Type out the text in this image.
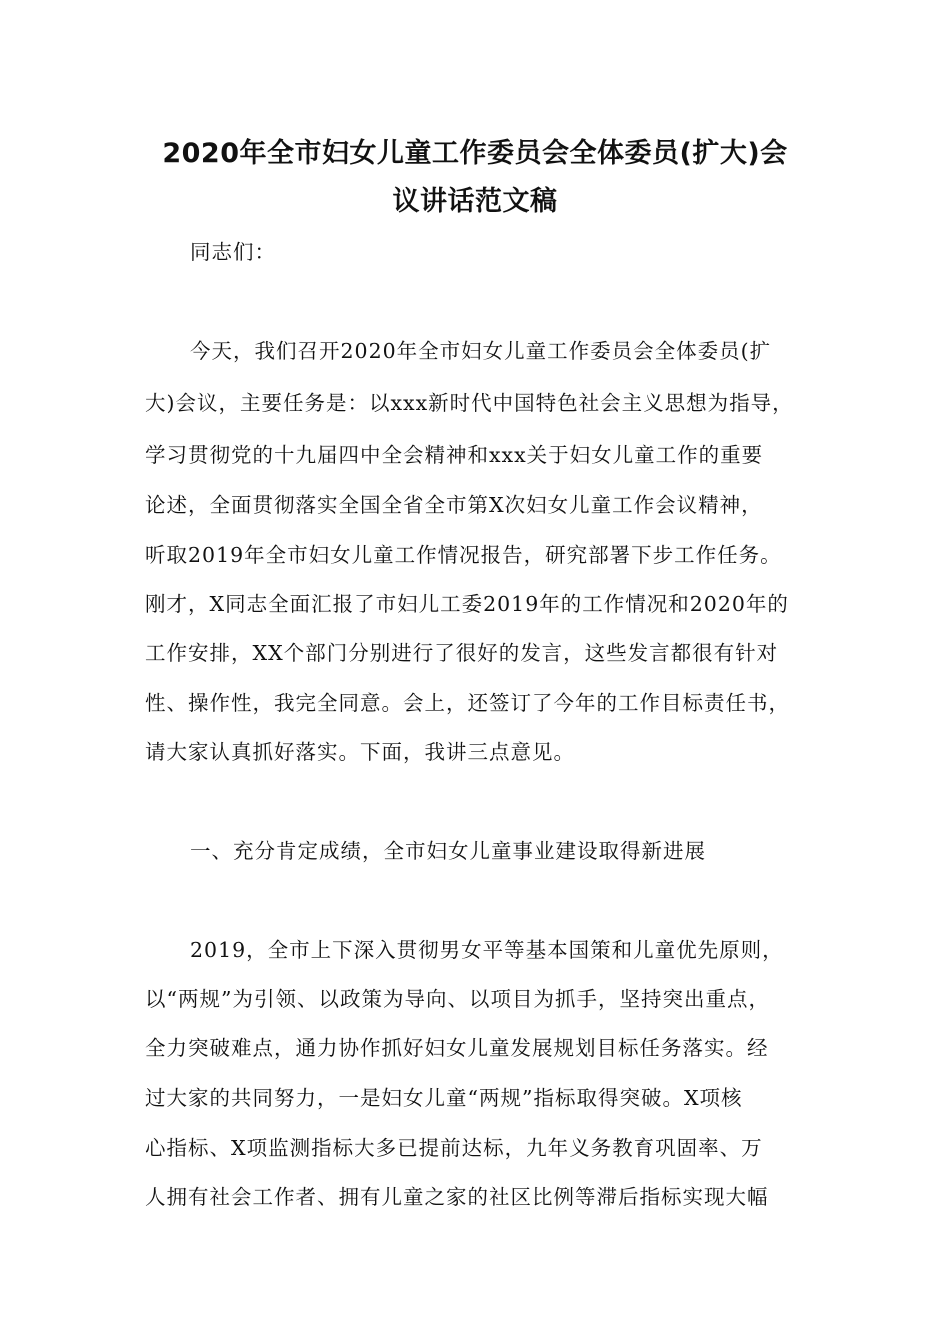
2020年全市妇女儿童工作委员会全体委员(扩大)会
议讲话范文稿
同志们：
今天，我们召开2020年全市妇女儿童工作委员会全体委员(扩
大)会议，主要任务是：以xxx新时代中国特色社会主义思想为指导，
学习贯彻党的十九届四中全会精神和xxx关于妇女儿童工作的重要
论述，全面贯彻落实全国全省全市第X次妇女儿童工作会议精神，
听取2019年全市妇女儿童工作情况报告，研究部署下步工作任务。
刚才，X同志全面汇报了市妇儿工委2019年的工作情况和2020年的
工作安排，XX个部门分别进行了很好的发言，这些发言都很有针对
性、操作性，我完全同意。会上，还签订了今年的工作目标责任书，
请大家认真抓好落实。下面，我讲三点意见。
一、充分肯定成绩，全市妇女儿童事业建设取得新进展
2019，全市上下深入贯彻男女平等基本国策和儿童优先原则，
以“两规”为引领、以政策为导向、以项目为抓手，坚持突出重点，
全力突破难点，通力协作抓好妇女儿童发展规划目标任务落实。经
过大家的共同努力，一是妇女儿童“两规”指标取得突破。X项核
心指标、X项监测指标大多已提前达标，九年义务教育巩固率、万
人拥有社会工作者、拥有儿童之家的社区比例等滞后指标实现大幅
